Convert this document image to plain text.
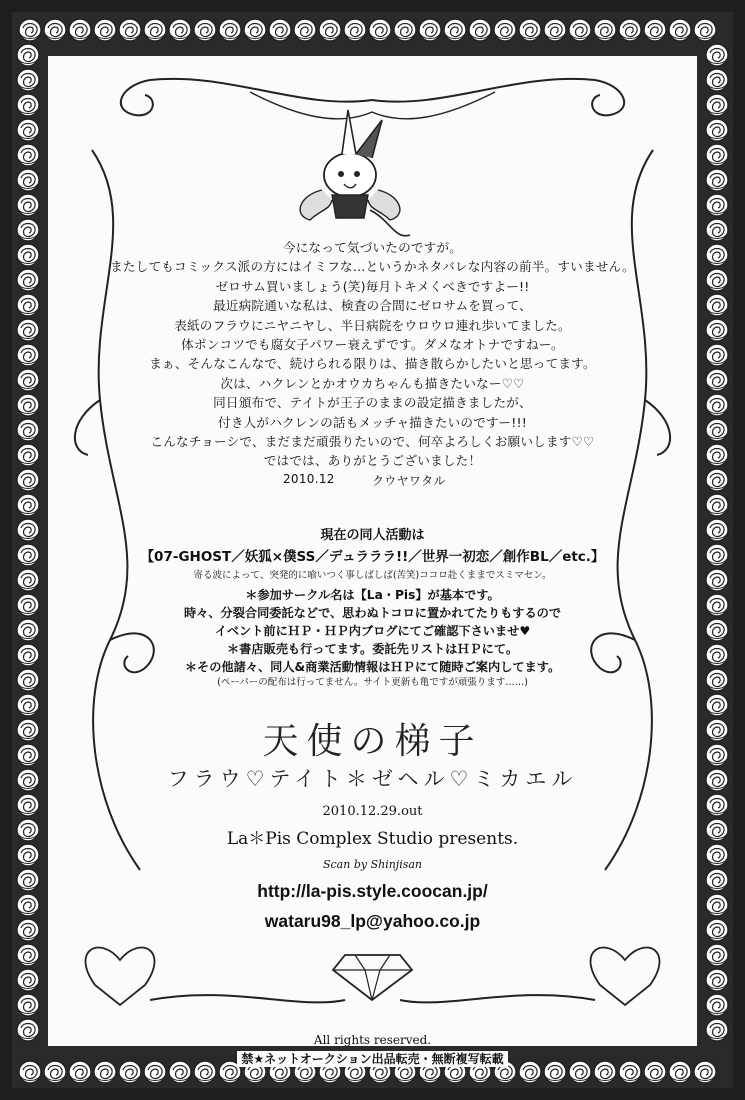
今になって気づいたのですが。

またしてもコミックス派の方にはイミフな…というかネタバレな内容の前半。すいません。

ゼロサム買いましょう(笑)毎月トキメくべきですよー!!

最近病院通いな私は、検査の合間にゼロサムを買って、

表紙のフラウにニヤニヤし、半日病院をウロウロ連れ歩いてました。

体ポンコツでも腐女子パワー衰えずです。ダメなオトナですねー。

まぁ、そんなこんなで、続けられる限りは、描き散らかしたいと思ってます。

次は、ハクレンとかオウカちゃんも描きたいなー♡♡

同日頒布で、テイトが王子のままの設定描きましたが、

付き人がハクレンの話もメッチャ描きたいのですー!!!

こんなチョーシで、まだまだ頑張りたいので、何卒よろしくお願いします♡♡

ではでは、ありがとうございました！

2010.12	クウヤワタル

現在の同人活動は

【07-GHOST／妖狐×僕SS／デュラララ!!／世界一初恋／創作BL／etc.】

寄る波によって、突発的に喰いつく事しばしば(苦笑)ココロ赴くままでスミマセン。

＊参加サークル名は【La・Pis】が基本です。

時々、分裂合同委託などで、思わぬトコロに置かれてたりもするので

イベント前にＨＰ・ＨＰ内ブログにてご確認下さいませ♥

＊書店販売も行ってます。委託先リストはＨＰにて。

＊その他諸々、同人&商業活動情報はＨＰにて随時ご案内してます。

(ペーパーの配布は行ってません。サイト更新も亀ですが頑張ります……)

天使の梯子
フラウ♡テイト＊ゼヘル♡ミカエル
2010.12.29.out
La＊Pis Complex Studio presents.
Scan by Shinjisan
http://la-pis.style.coocan.jp/
wataru98_lp@yahoo.co.jp
All rights reserved.
禁★ネットオークション出品転売・無断複写転載
